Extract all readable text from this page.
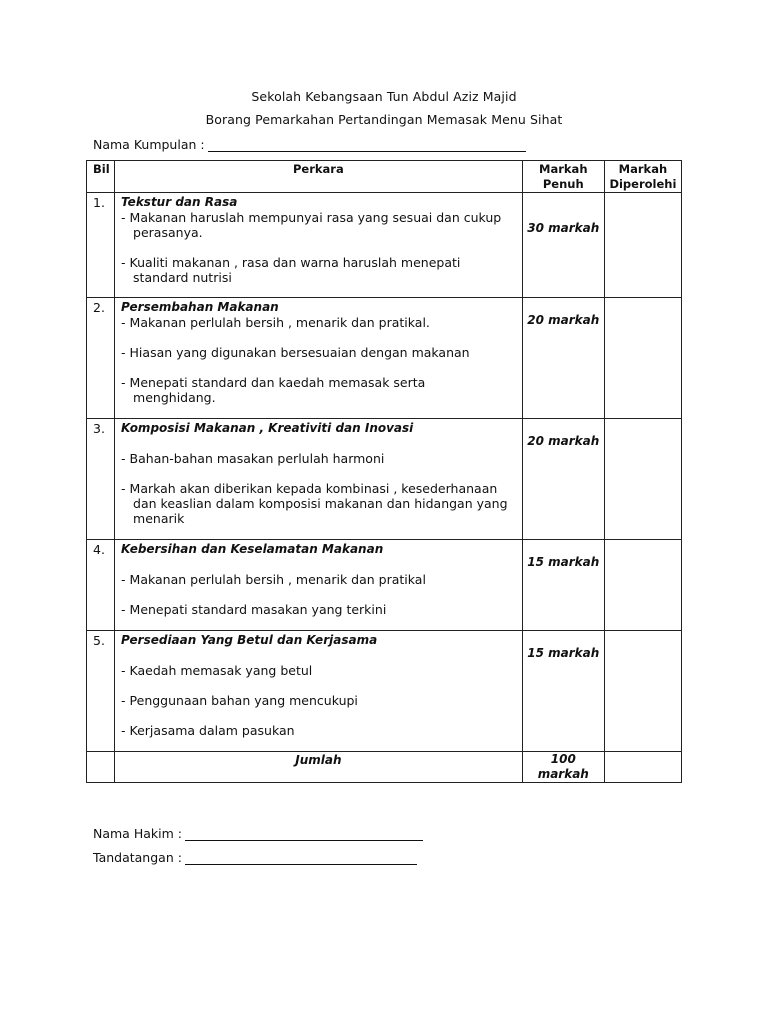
Sekolah Kebangsaan Tun Abdul Aziz Majid
Borang Pemarkahan Pertandingan Memasak Menu Sihat
Nama Kumpulan :
Bil	Perkara	Markah Penuh	Markah Diperolehi

1.	Tekstur dan Rasa
- Makanan haruslah mempunyai rasa yang sesuai dan cukup
perasanya.
- Kualiti makanan , rasa dan warna haruslah menepati
standard nutrisi	30 markah	

2.	Persembahan Makanan
- Makanan perlulah bersih , menarik dan pratikal.
- Hiasan yang digunakan bersesuaian dengan makanan
- Menepati standard dan kaedah memasak serta
menghidang.	20 markah	

3.	Komposisi Makanan , Kreativiti dan Inovasi
- Bahan-bahan masakan perlulah harmoni
- Markah akan diberikan kepada kombinasi , kesederhanaan
dan keaslian dalam komposisi makanan dan hidangan yang
menarik	20 markah	

4.	Kebersihan dan Keselamatan Makanan
- Makanan perlulah bersih , menarik dan pratikal
- Menepati standard masakan yang terkini	15 markah	

5.	Persediaan Yang Betul dan Kerjasama
- Kaedah memasak yang betul
- Penggunaan bahan yang mencukupi
- Kerjasama dalam pasukan	15 markah	

	Jumlah	100
markah	

Nama Hakim :
Tandatangan :
